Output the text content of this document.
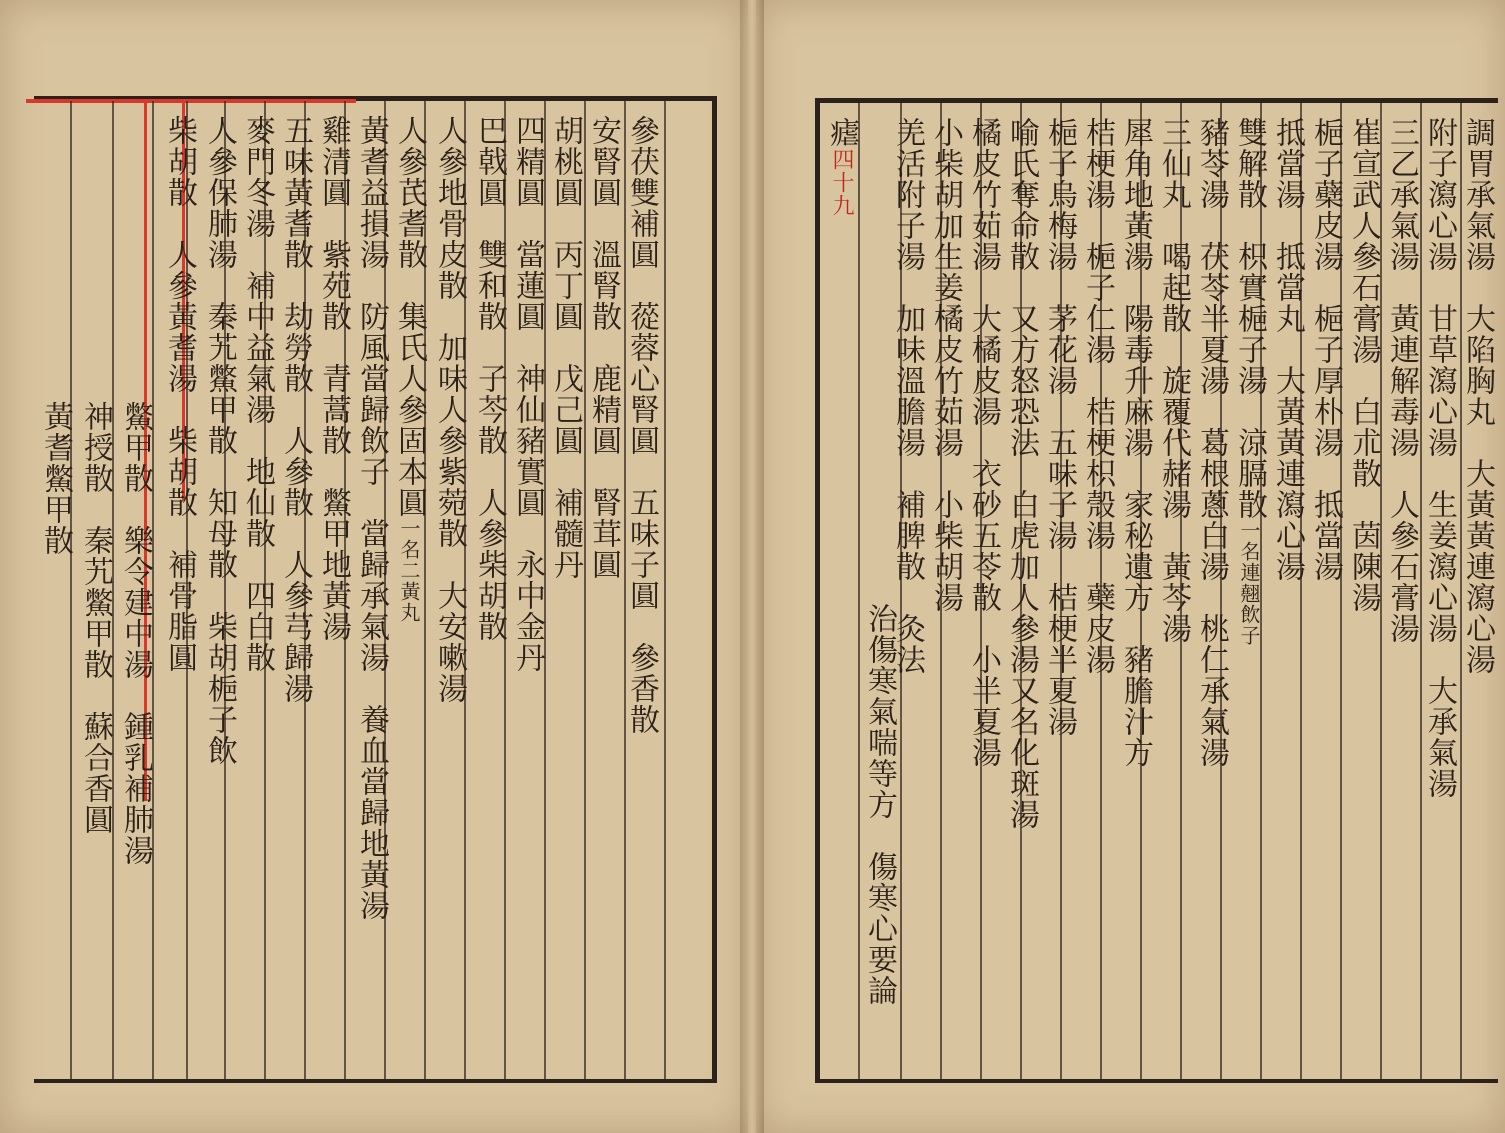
參茯雙補圓　蓯蓉心腎圓　五味子圓　參香散
安腎圓　溫腎散　鹿精圓　腎茸圓
胡桃圓　丙丁圓　戊己圓　補髓丹
四精圓　當蓮圓　神仙豬實圓　永中金丹
巴戟圓　雙和散　子芩散　人參柴胡散
人參地骨皮散　加味人參紫菀散　大安嗽湯
人參芪耆散　集氏人參固本圓一名二黃丸
黃耆益損湯　防風當歸飲子　當歸承氣湯　養血當歸地黃湯
雞清圓　紫苑散　青蒿散　鱉甲地黃湯
五味黃耆散　劫勞散　人參散　人參芎歸湯
麥門冬湯　補中益氣湯　地仙散　四白散
人參保肺湯　秦艽鱉甲散　知母散　柴胡梔子飲
柴胡散　人參黃耆湯　柴胡散　補骨脂圓
鱉甲散　樂令建中湯　鍾乳補肺湯
神授散　秦艽鱉甲散　蘇合香圓
黃耆鱉甲散
調胃承氣湯　大陷胸丸　大黃黃連瀉心湯
附子瀉心湯　甘草瀉心湯　生姜瀉心湯　大承氣湯
三乙承氣湯　黃連解毒湯　人參石膏湯
崔宣武人參石膏湯　白朮散　茵陳湯
梔子蘗皮湯　梔子厚朴湯　抵當湯
抵當湯　抵當丸　大黃黃連瀉心湯
雙解散　枳實梔子湯　涼膈散一名連翹飲子
豬苓湯　茯苓半夏湯　葛根蔥白湯　桃仁承氣湯
三仙丸　喝起散　旋覆代赭湯　黃芩湯
犀角地黃湯　陽毒升麻湯　家秘遺方　豬膽汁方
桔梗湯　梔子仁湯　桔梗枳殼湯　蘗皮湯
梔子烏梅湯　茅花湯　五味子湯　桔梗半夏湯
喻氏奪命散　又方怒恐法　白虎加人參湯又名化斑湯
橘皮竹茹湯　大橘皮湯　衣砂五苓散　小半夏湯
小柴胡加生姜橘皮竹茹湯　小柴胡湯
羌活附子湯　加味溫膽湯　補脾散　灸法
治傷寒氣喘等方　傷寒心要論
瘧四十九
